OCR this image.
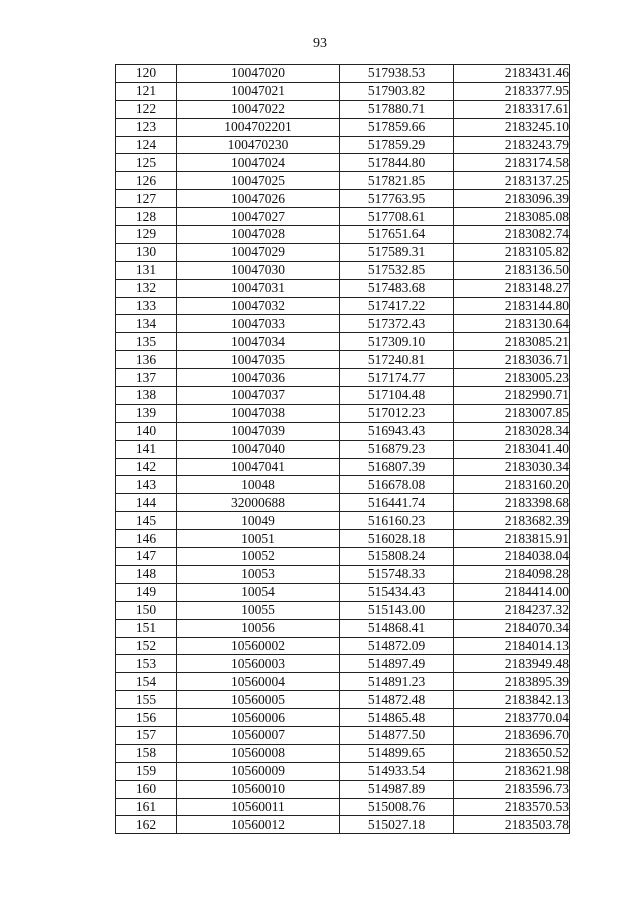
93
120	10047020	517938.53	2183431.46
121	10047021	517903.82	2183377.95
122	10047022	517880.71	2183317.61
123	1004702201	517859.66	2183245.10
124	100470230	517859.29	2183243.79
125	10047024	517844.80	2183174.58
126	10047025	517821.85	2183137.25
127	10047026	517763.95	2183096.39
128	10047027	517708.61	2183085.08
129	10047028	517651.64	2183082.74
130	10047029	517589.31	2183105.82
131	10047030	517532.85	2183136.50
132	10047031	517483.68	2183148.27
133	10047032	517417.22	2183144.80
134	10047033	517372.43	2183130.64
135	10047034	517309.10	2183085.21
136	10047035	517240.81	2183036.71
137	10047036	517174.77	2183005.23
138	10047037	517104.48	2182990.71
139	10047038	517012.23	2183007.85
140	10047039	516943.43	2183028.34
141	10047040	516879.23	2183041.40
142	10047041	516807.39	2183030.34
143	10048	516678.08	2183160.20
144	32000688	516441.74	2183398.68
145	10049	516160.23	2183682.39
146	10051	516028.18	2183815.91
147	10052	515808.24	2184038.04
148	10053	515748.33	2184098.28
149	10054	515434.43	2184414.00
150	10055	515143.00	2184237.32
151	10056	514868.41	2184070.34
152	10560002	514872.09	2184014.13
153	10560003	514897.49	2183949.48
154	10560004	514891.23	2183895.39
155	10560005	514872.48	2183842.13
156	10560006	514865.48	2183770.04
157	10560007	514877.50	2183696.70
158	10560008	514899.65	2183650.52
159	10560009	514933.54	2183621.98
160	10560010	514987.89	2183596.73
161	10560011	515008.76	2183570.53
162	10560012	515027.18	2183503.78
